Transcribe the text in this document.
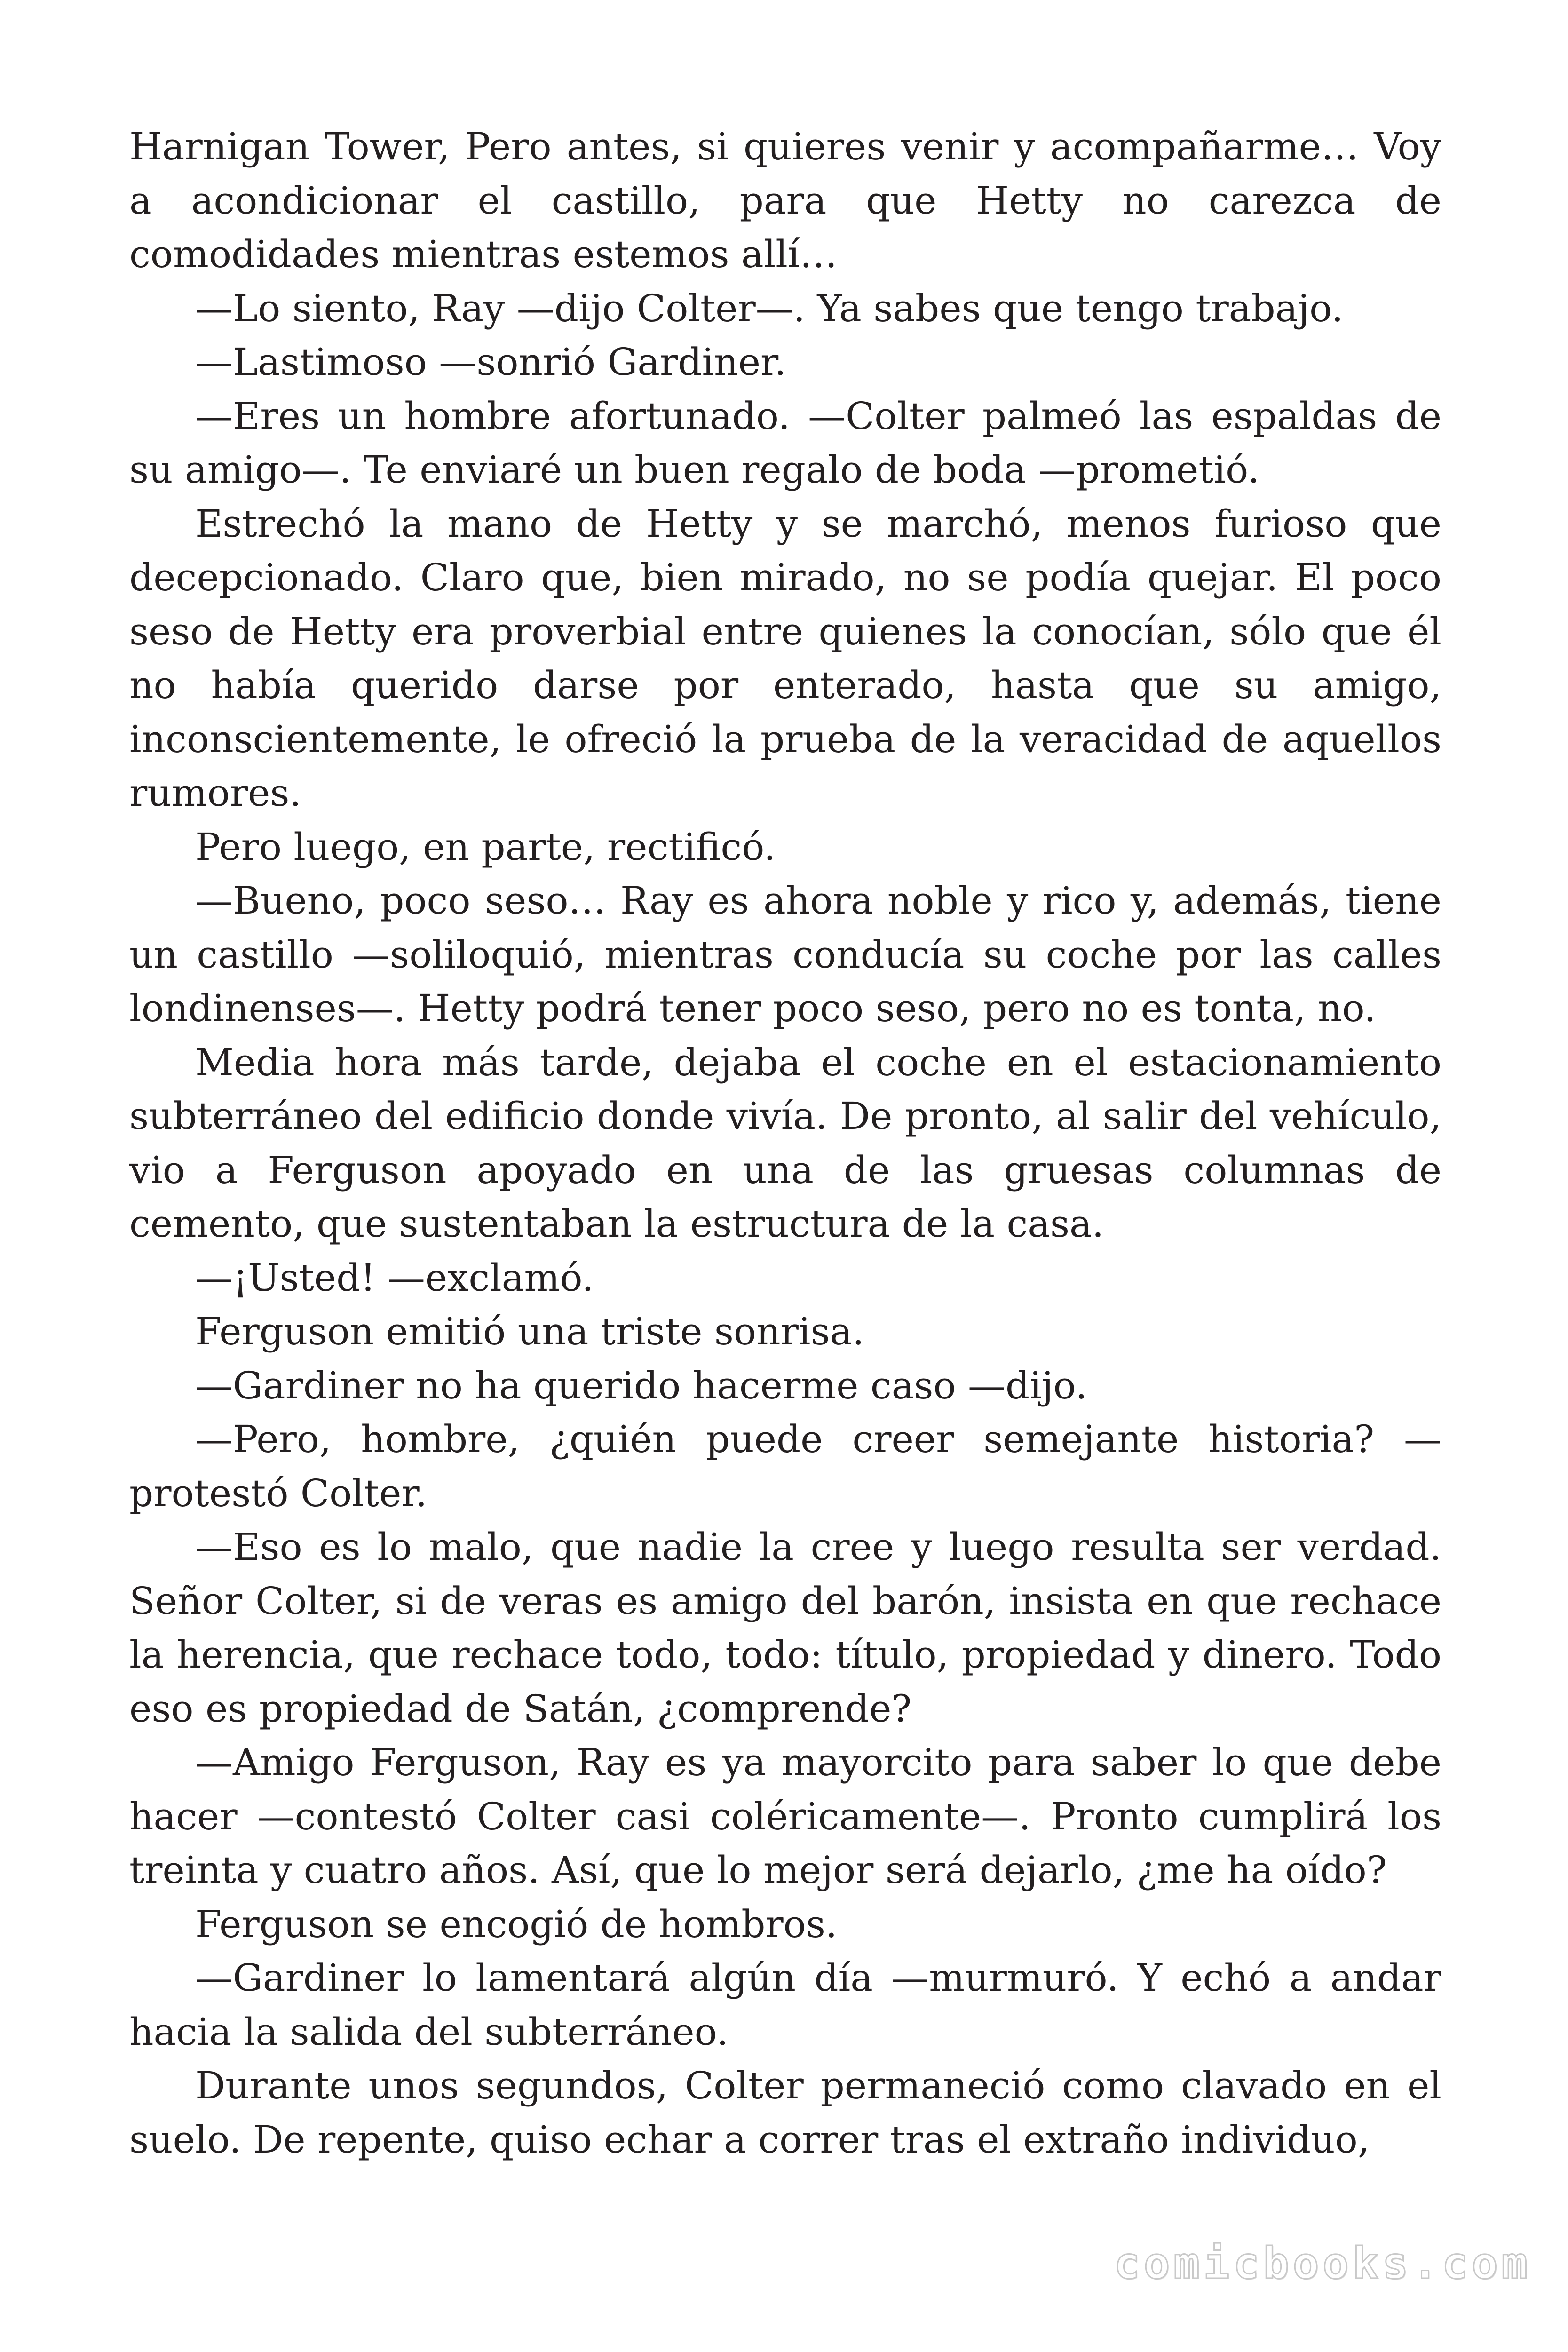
Harnigan Tower, Pero antes, si quieres venir y acompañarme… Voy a acondicionar el castillo, para que Hetty no carezca de comodidades mientras estemos allí…

—Lo siento, Ray —dijo Colter—. Ya sabes que tengo trabajo.

—Lastimoso —sonrió Gardiner.

—Eres un hombre afortunado. —Colter palmeó las espaldas de su amigo—. Te enviaré un buen regalo de boda —prometió.

Estrechó la mano de Hetty y se marchó, menos furioso que decepcionado. Claro que, bien mirado, no se podía quejar. El poco seso de Hetty era proverbial entre quienes la conocían, sólo que él no había querido darse por enterado, hasta que su amigo, inconscientemente, le ofreció la prueba de la veracidad de aquellos rumores.

Pero luego, en parte, rectificó.

—Bueno, poco seso… Ray es ahora noble y rico y, además, tiene un castillo —soliloquió, mientras conducía su coche por las calles londinenses—. Hetty podrá tener poco seso, pero no es tonta, no.

Media hora más tarde, dejaba el coche en el estacionamiento subterráneo del edificio donde vivía. De pronto, al salir del vehículo, vio a Ferguson apoyado en una de las gruesas columnas de cemento, que sustentaban la estructura de la casa.

—¡Usted! —exclamó.

Ferguson emitió una triste sonrisa.

—Gardiner no ha querido hacerme caso —dijo.

—Pero, hombre, ¿quién puede creer semejante historia? —protestó Colter.

—Eso es lo malo, que nadie la cree y luego resulta ser verdad. Señor Colter, si de veras es amigo del barón, insista en que rechace la herencia, que rechace todo, todo: título, propiedad y dinero. Todo eso es propiedad de Satán, ¿comprende?

—Amigo Ferguson, Ray es ya mayorcito para saber lo que debe hacer —contestó Colter casi coléricamente—. Pronto cumplirá los treinta y cuatro años. Así, que lo mejor será dejarlo, ¿me ha oído?

Ferguson se encogió de hombros.

—Gardiner lo lamentará algún día —murmuró. Y echó a andar hacia la salida del subterráneo.

Durante unos segundos, Colter permaneció como clavado en el suelo. De repente, quiso echar a correr tras el extraño individuo,

comicbooks.com
